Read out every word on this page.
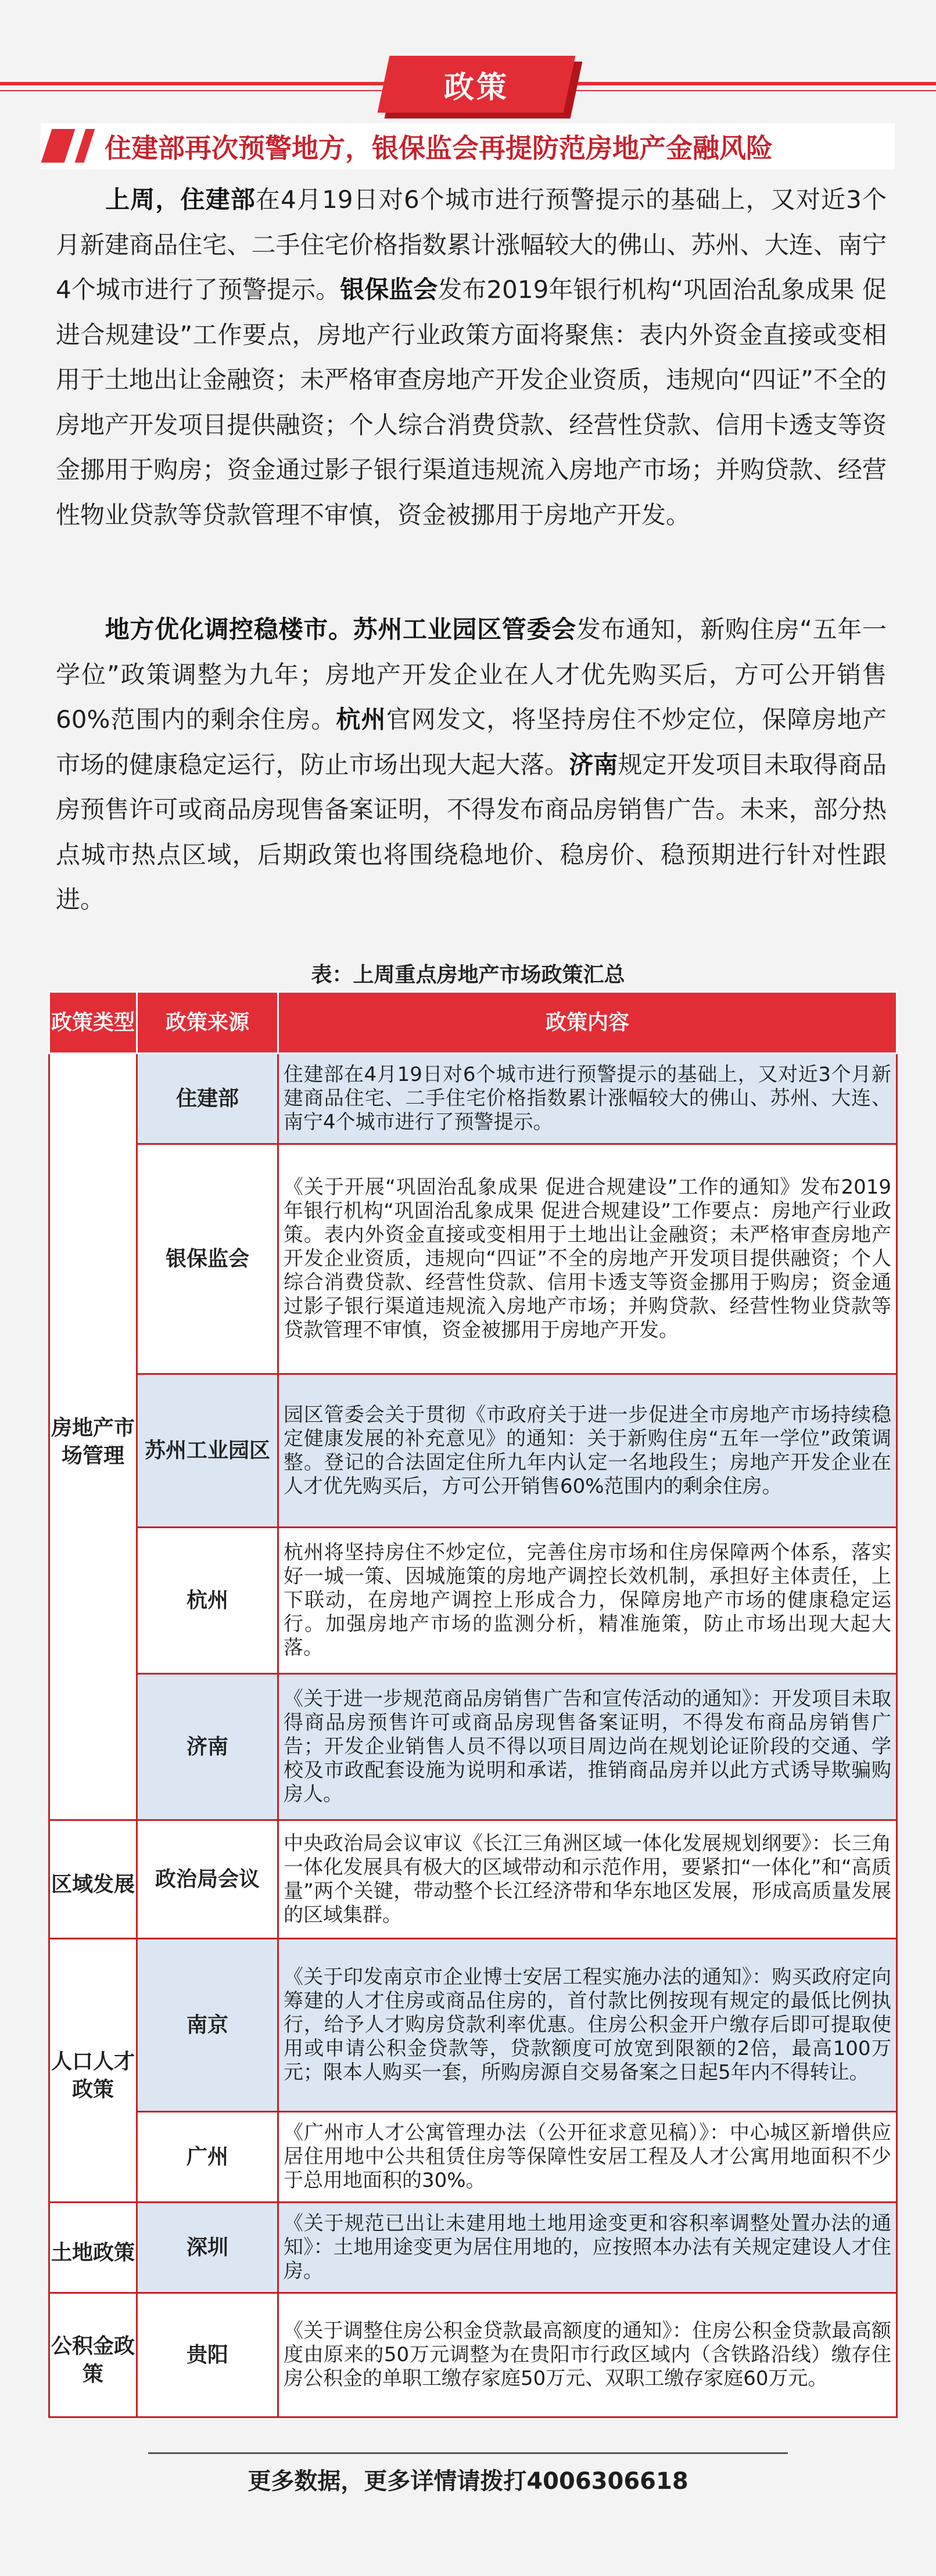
政策
住建部再次预警地方，银保监会再提防范房地产金融风险
上周，住建部在4月19日对6个城市进行预警提示的基础上，又对近3个月新建商品住宅、二手住宅价格指数累计涨幅较大的佛山、苏州、大连、南宁4个城市进行了预警提示。银保监会发布2019年银行机构“巩固治乱象成果 促进合规建设”工作要点，房地产行业政策方面将聚焦：表内外资金直接或变相用于土地出让金融资；未严格审查房地产开发企业资质，违规向“四证”不全的房地产开发项目提供融资；个人综合消费贷款、经营性贷款、信用卡透支等资金挪用于购房；资金通过影子银行渠道违规流入房地产市场；并购贷款、经营性物业贷款等贷款管理不审慎，资金被挪用于房地产开发。
地方优化调控稳楼市。苏州工业园区管委会发布通知，新购住房“五年一学位”政策调整为九年；房地产开发企业在人才优先购买后，方可公开销售60%范围内的剩余住房。杭州官网发文，将坚持房住不炒定位，保障房地产市场的健康稳定运行，防止市场出现大起大落。济南规定开发项目未取得商品房预售许可或商品房现售备案证明，不得发布商品房销售广告。未来，部分热点城市热点区域，后期政策也将围绕稳地价、稳房价、稳预期进行针对性跟进。
表：上周重点房地产市场政策汇总
政策类型	政策来源	政策内容
房地产市场管理	住建部	住建部在4月19日对6个城市进行预警提示的基础上，又对近3个月新建商品住宅、二手住宅价格指数累计涨幅较大的佛山、苏州、大连、南宁4个城市进行了预警提示。
	银保监会	《关于开展“巩固治乱象成果 促进合规建设”工作的通知》发布2019年银行机构“巩固治乱象成果 促进合规建设”工作要点：房地产行业政策。表内外资金直接或变相用于土地出让金融资；未严格审查房地产开发企业资质，违规向“四证”不全的房地产开发项目提供融资；个人综合消费贷款、经营性贷款、信用卡透支等资金挪用于购房；资金通过影子银行渠道违规流入房地产市场；并购贷款、经营性物业贷款等贷款管理不审慎，资金被挪用于房地产开发。
	苏州工业园区	园区管委会关于贯彻《市政府关于进一步促进全市房地产市场持续稳定健康发展的补充意见》的通知：关于新购住房“五年一学位”政策调整。登记的合法固定住所九年内认定一名地段生；房地产开发企业在人才优先购买后，方可公开销售60%范围内的剩余住房。
	杭州	杭州将坚持房住不炒定位，完善住房市场和住房保障两个体系，落实好一城一策、因城施策的房地产调控长效机制，承担好主体责任，上下联动，在房地产调控上形成合力，保障房地产市场的健康稳定运行。加强房地产市场的监测分析，精准施策，防止市场出现大起大落。
	济南	《关于进一步规范商品房销售广告和宣传活动的通知》：开发项目未取得商品房预售许可或商品房现售备案证明，不得发布商品房销售广告；开发企业销售人员不得以项目周边尚在规划论证阶段的交通、学校及市政配套设施为说明和承诺，推销商品房并以此方式诱导欺骗购房人。
区域发展	政治局会议	中央政治局会议审议《长江三角洲区域一体化发展规划纲要》：长三角一体化发展具有极大的区域带动和示范作用，要紧扣“一体化”和“高质量”两个关键，带动整个长江经济带和华东地区发展，形成高质量发展的区域集群。
人口人才政策	南京	《关于印发南京市企业博士安居工程实施办法的通知》：购买政府定向筹建的人才住房或商品住房的，首付款比例按现有规定的最低比例执行，给予人才购房贷款利率优惠。住房公积金开户缴存后即可提取使用或申请公积金贷款等，贷款额度可放宽到限额的2倍，最高100万元；限本人购买一套，所购房源自交易备案之日起5年内不得转让。
	广州	《广州市人才公寓管理办法（公开征求意见稿）》：中心城区新增供应居住用地中公共租赁住房等保障性安居工程及人才公寓用地面积不少于总用地面积的30%。
土地政策	深圳	《关于规范已出让未建用地土地用途变更和容积率调整处置办法的通知》：土地用途变更为居住用地的，应按照本办法有关规定建设人才住房。
公积金政策	贵阳	《关于调整住房公积金贷款最高额度的通知》：住房公积金贷款最高额度由原来的50万元调整为在贵阳市行政区域内（含铁路沿线）缴存住房公积金的单职工缴存家庭50万元、双职工缴存家庭60万元。
更多数据，更多详情请拨打4006306618
